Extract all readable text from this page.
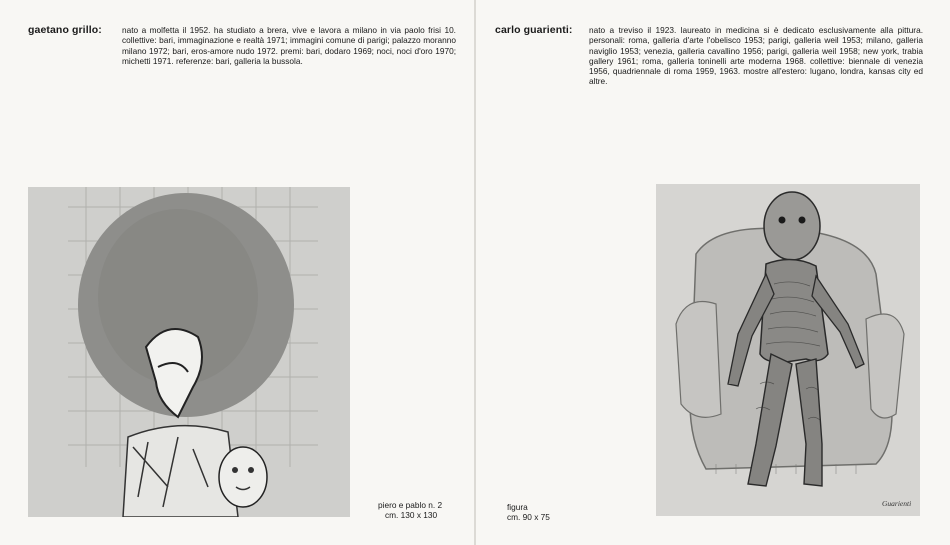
gaetano grillo: nato a molfetta il 1952. ha studiato a brera, vive e lavora a milano in via paolo frisi 10. collettive: bari, immaginazione e realtà 1971; immagini comune di parigi; palazzo moranno milano 1972; bari, eros-amore nudo 1972. premi: bari, dodaro 1969; noci, noci d'oro 1970; michetti 1971. referenze: bari, galleria la bussola.
piero e pablo n. 2
cm. 130 x 130
carlo guarienti: nato a treviso il 1923. laureato in medicina si è dedicato esclusivamente alla pittura. personali: roma, galleria d'arte l'obelisco 1953; parigi, galleria weil 1953; milano, galleria naviglio 1953; venezia, galleria cavallino 1956; parigi, galleria weil 1958; new york, trabia gallery 1961; roma, galleria toninelli arte moderna 1968. collettive: biennale di venezia 1956, quadriennale di roma 1959, 1963. mostre all'estero: lugano, londra, kansas city ed altre.
figura
cm. 90 x 75
Guarienti
